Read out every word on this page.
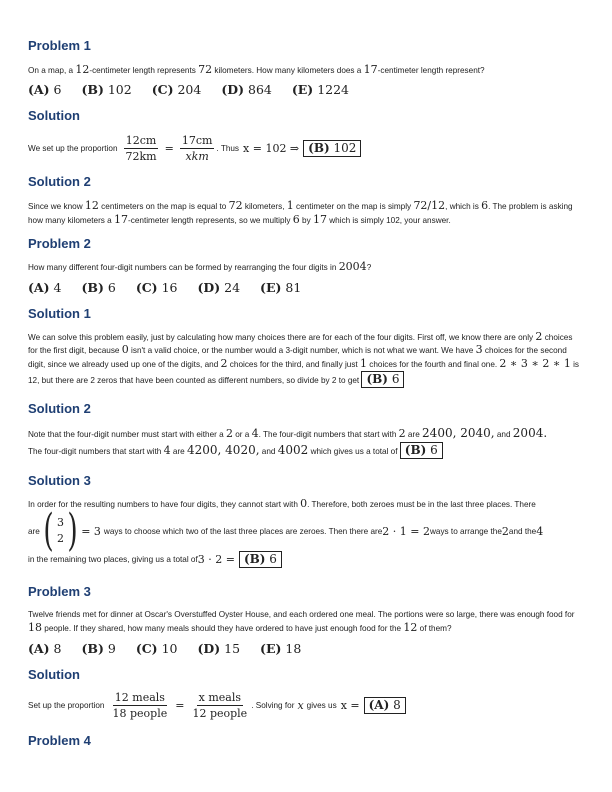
Problem 1

On a map, a 12-centimeter length represents 72 kilometers. How many kilometers does a 17-centimeter length represent?

(A) 6 (B) 102 (C) 204 (D) 864 (E) 1224
Solution
We set up the proportion $\frac{12cm}{72km} = \frac{17cm}{\text{xkm}}$ . Thus x = 102 ⇒ (B) 102
Solution 2

Since we know 12 centimeters on the map is equal to 72 kilometers, 1 centimeter on the map is simply 72/12, which is 6. The problem is asking how many kilometers a 17-centimeter length represents, so we multiply 6 by 17 which is simply 102, your answer.

Problem 2

How many different four-digit numbers can be formed by rearranging the four digits in 2004?

(A) 4 (B) 6 (C) 16 (D) 24 (E) 81
Solution 1

We can solve this problem easily, just by calculating how many choices there are for each of the four digits. First off, we know there are only 2 choices for the first digit, because 0 isn't a valid choice, or the number would a 3-digit number, which is not what we want. We have 3 choices for the second digit, since we already used up one of the digits, and 2 choices for the third, and finally just 1 choices for the fourth and final one. 2 ∗ 3 ∗ 2 ∗ 1 is 12, but there are 2 zeros that have been counted as different numbers, so divide by 2 to get (B) 6

Solution 2

Note that the four-digit number must start with either a 2 or a 4. The four-digit numbers that start with 2 are 2400, 2040, and 2004.
The four-digit numbers that start with 4 are 4200, 4020, and 4002 which gives us a total of (B) 6

Solution 3

In order for the resulting numbers to have four digits, they cannot start with 0. Therefore, both zeroes must be in the last three places. There

are ( 3
2 ) = 3 ways to choose which two of the last three places are zeroes. Then there are 2 · 1 = 2 ways to arrange the 2 and the 4
in the remaining two places, giving us a total of 3 · 2 = (B) 6
Problem 3

Twelve friends met for dinner at Oscar's Overstuffed Oyster House, and each ordered one meal. The portions were so large, there was enough food for 18 people. If they shared, how many meals should they have ordered to have just enough food for the 12 of them?

(A) 8 (B) 9 (C) 10 (D) 15 (E) 18
Solution
Set up the proportion $\frac{\text{12 meals}}{\text{18 people}} = \frac{\text{x meals}}{\text{12 people}}$ . Solving for x gives us x = (A) 8
Problem 4
